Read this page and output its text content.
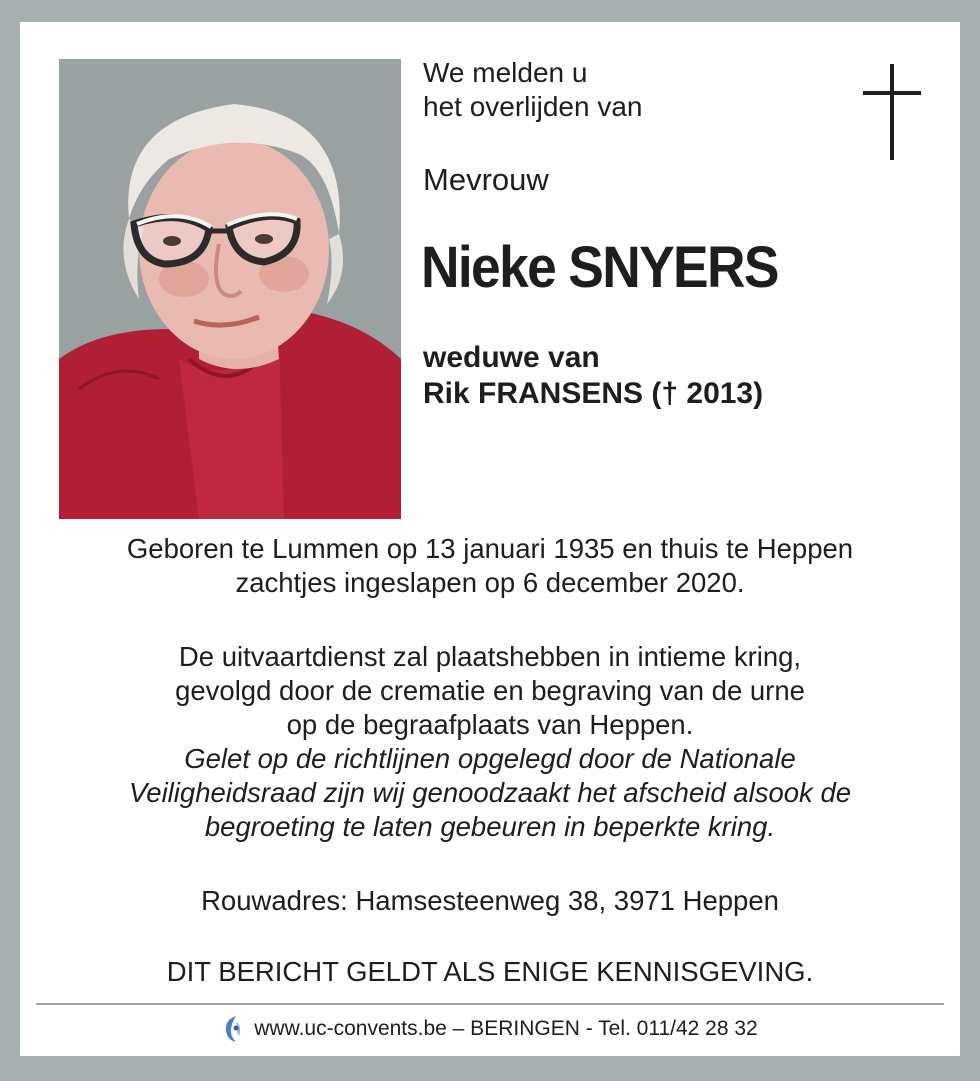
We melden u
het overlijden van
Mevrouw
Nieke SNYERS
weduwe van
Rik FRANSENS († 2013)
Geboren te Lummen op 13 januari 1935 en thuis te Heppen
zachtjes ingeslapen op 6 december 2020.
De uitvaartdienst zal plaatshebben in intieme kring,
gevolgd door de crematie en begraving van de urne
op de begraafplaats van Heppen.
Gelet op de richtlijnen opgelegd door de Nationale
Veiligheidsraad zijn wij genoodzaakt het afscheid alsook de
begroeting te laten gebeuren in beperkte kring.
Rouwadres: Hamsesteenweg 38, 3971 Heppen
DIT BERICHT GELDT ALS ENIGE KENNISGEVING.
www.uc-convents.be – BERINGEN - Tel. 011/42 28 32
